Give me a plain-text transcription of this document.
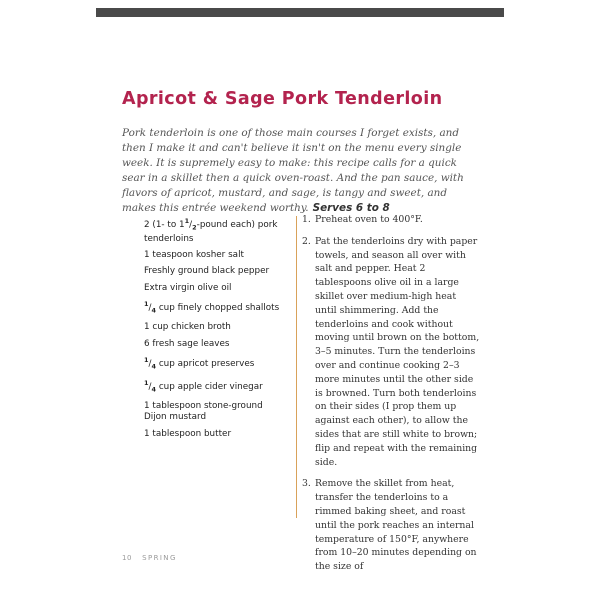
Apricot & Sage Pork Tenderloin
Pork tenderloin is one of those main courses I forget exists, and then I make it and can't believe it isn't on the menu every single week. It is supremely easy to make: this recipe calls for a quick sear in a skillet then a quick oven-roast. And the pan sauce, with flavors of apricot, mustard, and sage, is tangy and sweet, and makes this entrée weekend worthy. Serves 6 to 8
2 (1- to $1^1/_2$-pound each) pork tenderloins
1 teaspoon kosher salt
Freshly ground black pepper
Extra virgin olive oil
$^1/_4$ cup finely chopped shallots
1 cup chicken broth
6 fresh sage leaves
$^1/_4$ cup apricot preserves
$^1/_4$ cup apple cider vinegar
1 tablespoon stone-ground Dijon mustard
1 tablespoon butter
1. Preheat oven to 400°F.
2. Pat the tenderloins dry with paper towels, and season all over with salt and pepper. Heat 2 tablespoons olive oil in a large skillet over medium-high heat until shimmering. Add the tenderloins and cook without moving until brown on the bottom, 3–5 minutes. Turn the tenderloins over and continue cooking 2–3 more minutes until the other side is browned. Turn both tenderloins on their sides (I prop them up against each other), to allow the sides that are still white to brown; flip and repeat with the remaining side.
3. Remove the skillet from heat, transfer the tenderloins to a rimmed baking sheet, and roast until the pork reaches an internal temperature of 150°F, anywhere from 10–20 minutes depending on the size of
10 SPRING
